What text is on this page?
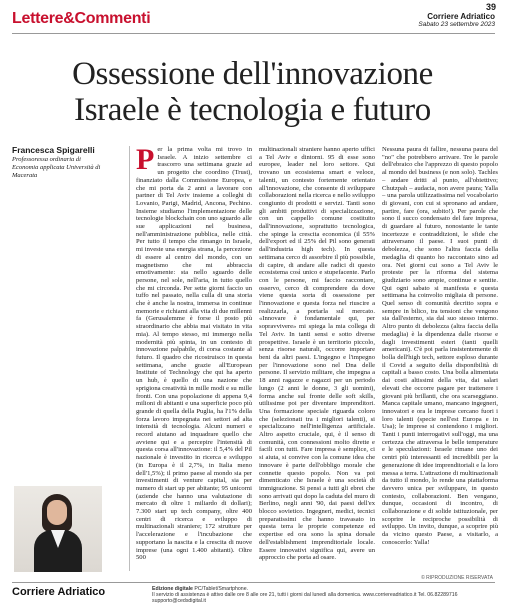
39
Lettere&Commenti	Corriere Adriatico
Sabato 23 settembre 2023
Ossessione dell'innovazione
Israele è tecnologia e futuro
Francesca Spigarelli
Professoressa ordinaria di Economia applicata Università di Macerata	P er la prima volta mi trovo in Israele. A inizio settembre ci trascorro una settimana grazie ad un progetto che coordino (Trust), finanziato dalla Commissione Europea, e che mi porta da 2 anni a lavorare con partner di Tel Aviv insieme a colleghi di Lovanio, Parigi, Madrid, Ancona, Pechino. Insieme studiamo l'implementazione delle tecnologie blockchain con uno sguardo alle sue applicazioni nel business, nell'amministrazione pubblica, nelle città. Per tutto il tempo che rimango in Israele, mi investe una energia strana, la percezione di essere al centro del mondo, con un magnetismo che mi abbraccia emotivamente: sta nello sguardo delle persone, nel sole, nell'aria, in tutto quello che mi circonda. Per sette giorni faccio un tuffo nel passato, nella culla di una storia che è anche la nostra, immersa in continue memorie e richiami alla vita di due millenni fa (Gerusalemme è forse il posto più straordinario che abbia mai visitato in vita mia). Al tempo stesso, mi immergo nella modernità più spinta, in un contesto di innovazione palpabile, di corsa costante al futuro. Il quadro che ricostruisco in questa settimana, anche grazie all'European Institute of Technology che qui ha aperto un hub, è quello di una nazione che sprigiona creatività in mille modi e su mille fronti. Con una popolazione di appena 9,4 milioni di abitanti e una superficie poco più grande di quella della Puglia, ha l'1% della forza lavoro impegnata nei settori ad alta intensità di tecnologia. Alcuni numeri e record aiutano ad inquadrare quello che avviene qui e a percepire l'intensità di questa corsa all'innovazione: il 5,4% del Pil nazionale è investito in ricerca e sviluppo (in Europa è il 2,7%, in Italia meno dell'1,5%); il primo paese al mondo sia per investimenti di venture capital, sia per numero di start up per abitante; 95 unicorni (aziende che hanno una valutazione di mercato di oltre 1 miliardo di dollari); 7.300 start up tech company, oltre 400 centri di ricerca e sviluppo di multinazionali straniere; 172 strutture per l'accelerazione e l'incubazione che supportano la nascita e la crescita di nuove imprese (una ogni 1.400 abitanti). Oltre 500

multinazionali straniere hanno aperto uffici a Tel Aviv e dintorni. 95 di esse sono europee, leader nel loro settore. Qui trovano un ecosistema smart e veloce, talenti, un contesto fortemente orientato all'innovazione, che consente di sviluppare collaborazioni nella ricerca e nello sviluppo congiunto di prodotti e servizi. Tanti sono gli ambiti produttivi di specializzazione, con un cappello comune costituito dall'innovazione, soprattutto tecnologica, che spinge la crescita economica (il 55% dell'export ed il 25% del Pil sono generati dall'industria high tech). In questa settimana cerco di assorbire il più possibile, di capire, di andare alle radici di questo ecosistema così unico e stupefacente. Parlo con le persone, mi faccio raccontare, osservo, cerco di comprendere da dove viene questa sorta di ossessione per l'innovazione e questa forza nel riuscire a realizzarla, a portarla sul mercato. «Innovare è fondamentale qui, per sopravvivere» mi spiega la mia collega di Tel Aviv. In tanti sensi e sotto diverse prospettive. Israele è un territorio piccolo, senza risorse naturali, occorre importare beni da altri paesi. L'ingegno e l'impegno per l'innovazione sono nel Dna delle persone. Il servizio militare, che impegna a 18 anni ragazze e ragazzi per un periodo lungo (2 anni le donne, 3 gli uomini), forma anche sul fronte delle soft skills, utilissime poi per diventare imprenditori. Una formazione speciale riguarda coloro che (selezionati tra i migliori talenti), si specializzano nell'intelligenza artificiale. Altro aspetto cruciale, qui, è il senso di comunità, con connessioni molto dirette e facili con tutti. Fare impresa è semplice, ci si aiuta, si convive con la comune idea che innovare è parte dell'obbligo morale che connette questo popolo. Non va poi dimenticato che Israele è una società di immigrazione. Si pensi a tutti gli ebrei che sono arrivati qui dopo la caduta del muro di Berlino, negli anni '90, dai paesi dell'ex blocco sovietico. Ingegneri, medici, tecnici preparatissimi che hanno travasato in questa terra le proprie competenze ed expertise ed ora sono la spina dorsale dell'establishment imprenditoriale locale. Essere innovativi significa qui, avere un approccio che porta ad osare.

Nessuna paura di fallire, nessuna paura del "no" che potrebbero arrivare. Tre le parole dell'ebraico che l'apprezzo di questo popolo al mondo del business (e non solo). Tachles – andare dritti al punto, all'obiettivo; Chutzpah – audacia, non avere paura; Yalla – una parola utilizzatissima nel vocabolario di giovani, con cui si spronano ad andare, partire, fare (ora, subito!). Per parole che sono il succo condensato del fare impresa, di guardare al futuro, nonostante le tante incertezze e contraddizioni, le sfide che attraversano il paese. I suoi punti di debolezza, che sono l'altra faccia della medaglia di quanto ho raccontato sino ad ora. Nei giorni cui sono a Tel Aviv le proteste per la riforma del sistema giudiziario sono ampie, continue e sentite. Qui ogni sabato si manifesta e questa settimana ha coinvolto migliaia di persone. Quel senso di comunità decritto sopra e sempre in bilico, tra tensioni che vengono sia dall'esterno, sia dal suo stesso interno. Altro punto di debolezza (altra faccia della medaglia) è la dipendenza dalle risorse e dagli investimenti esteri (tanti quelli americani). C'è poi parla insistentemente di bolla dell'high tech, settore esploso durante il Covid a seguito della disponibilità di capitali a basso costo. Una bolla alimentata dai costi altissimi della vita, dai salari elevati che occorre pagare per trattenere i giovani più brillanti, che ora scarseggiano. Manca capitale umano, mancano ingegneri, innovatori e ora le imprese cercano fuori i loro talenti (specie nell'est Europa e in Usa); le imprese si contendono i migliori. Tanti i punti interrogativi sull'oggi, ma una certezza che attraversa le belle temperature e le speculazioni: Israele rimane uno dei centri più interessanti ed incredibili per la generazione di idee imprenditoriali e la loro messa a terra. L'attrazione di multinazionali da tutto il mondo, lo rende una piattaforma davvero unica per sviluppare, in questo contesto, collaborazioni. Ben vengano, dunque, occasioni di incontro, di collaborazione e di solide istituzionale, per scoprire le reciproche possibilità di sviluppo. Un invito, dunque, a scoprire più da vicino questo Paese, a visitarlo, a conoscerlo: Yalla!

© RIPRODUZIONE RISERVATA
Corriere Adriatico	Edizione digitale PC/Tablet/Smartphone.
Il servizio di assistenza è attivo dalle ore 8 alle ore 21, tutti i giorni dal lunedì alla domenica. www.corriereadriatico.it Tel. 06.82289716 supporto@cedsdigital.it
